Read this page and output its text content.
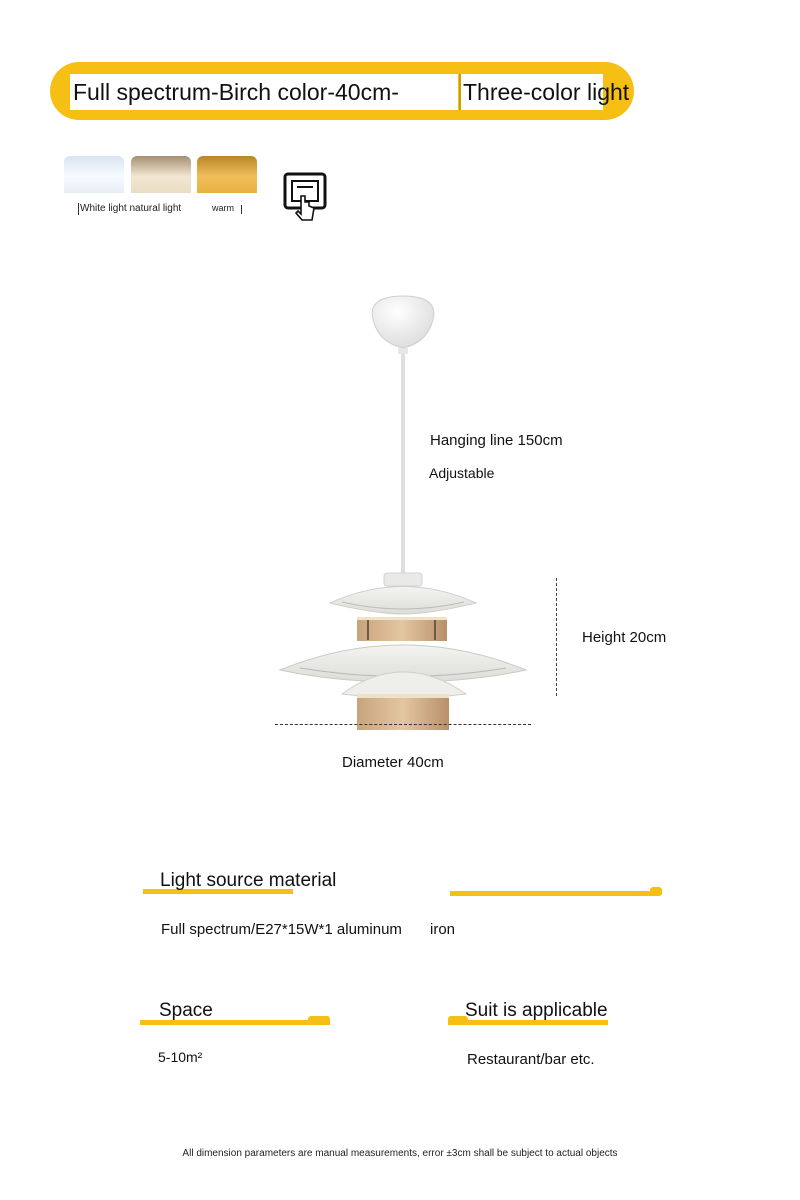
Full spectrum-Birch color-40cm-	Three-color light
White light natural light	warm
Hanging line 150cm
Adjustable
Height 20cm
Diameter 40cm
Light source material
Full spectrum/E27*15W*1 aluminum iron
Space
5-10m²
Suit is applicable
Restaurant/bar etc.
All dimension parameters are manual measurements, error ±3cm shall be subject to actual objects
